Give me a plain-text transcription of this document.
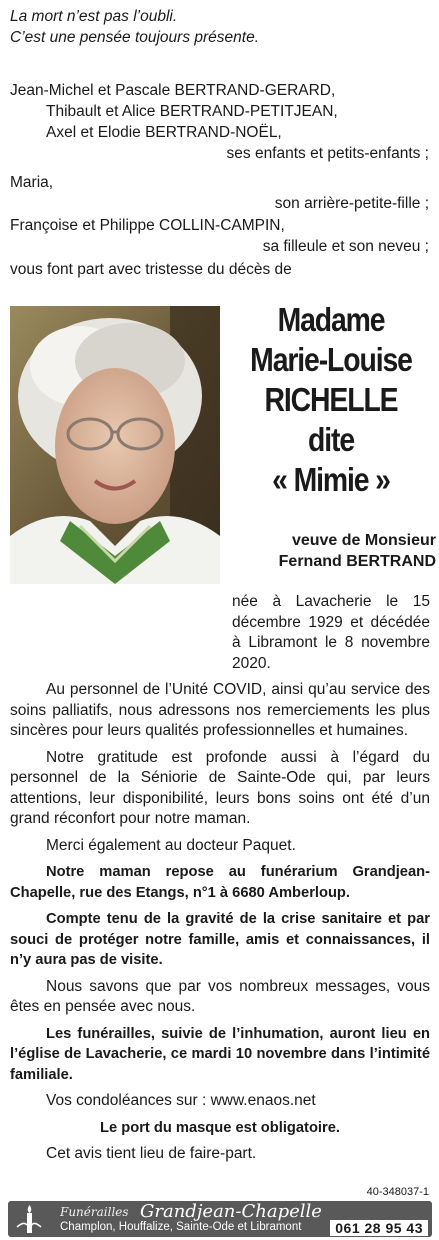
La mort n’est pas l’oubli.
C’est une pensée toujours présente.
Jean-Michel et Pascale BERTRAND-GERARD,
Thibault et Alice BERTRAND-PETITJEAN,
Axel et Elodie BERTRAND-NOËL,
ses enfants et petits-enfants ;
Maria,
son arrière-petite-fille ;
Françoise et Philippe COLLIN-CAMPIN,
sa filleule et son neveu ;
vous font part avec tristesse du décès de
Madame
Marie-Louise
RICHELLE
dite
« Mimie »
veuve de Monsieur
Fernand BERTRAND

née à Lavacherie le 15 décembre 1929 et décédée à Libramont le 8 novembre 2020.

Au personnel de l’Unité COVID, ainsi qu’au service des soins palliatifs, nous adressons nos remerciements les plus sincères pour leurs qualités professionnelles et humaines.

Notre gratitude est profonde aussi à l’égard du personnel de la Séniorie de Sainte-Ode qui, par leurs attentions, leur disponibilité, leurs bons soins ont été d’un grand réconfort pour notre maman.

Merci également au docteur Paquet.

Notre maman repose au funérarium Grandjean-Chapelle, rue des Etangs, n°1 à 6680 Amberloup.

Compte tenu de la gravité de la crise sanitaire et par souci de protéger notre famille, amis et connaissances, il n’y aura pas de visite.

Nous savons que par vos nombreux messages, vous êtes en pensée avec nous.

Les funérailles, suivie de l’inhumation, auront lieu en l’église de Lavacherie, ce mardi 10 novembre dans l’intimité familiale.

Vos condoléances sur : www.enaos.net

Le port du masque est obligatoire.

Cet avis tient lieu de faire-part.

40-348037-1
Funérailles Grandjean-Chapelle
Champlon, Houffalize, Sainte-Ode et Libramont	061 28 95 43
